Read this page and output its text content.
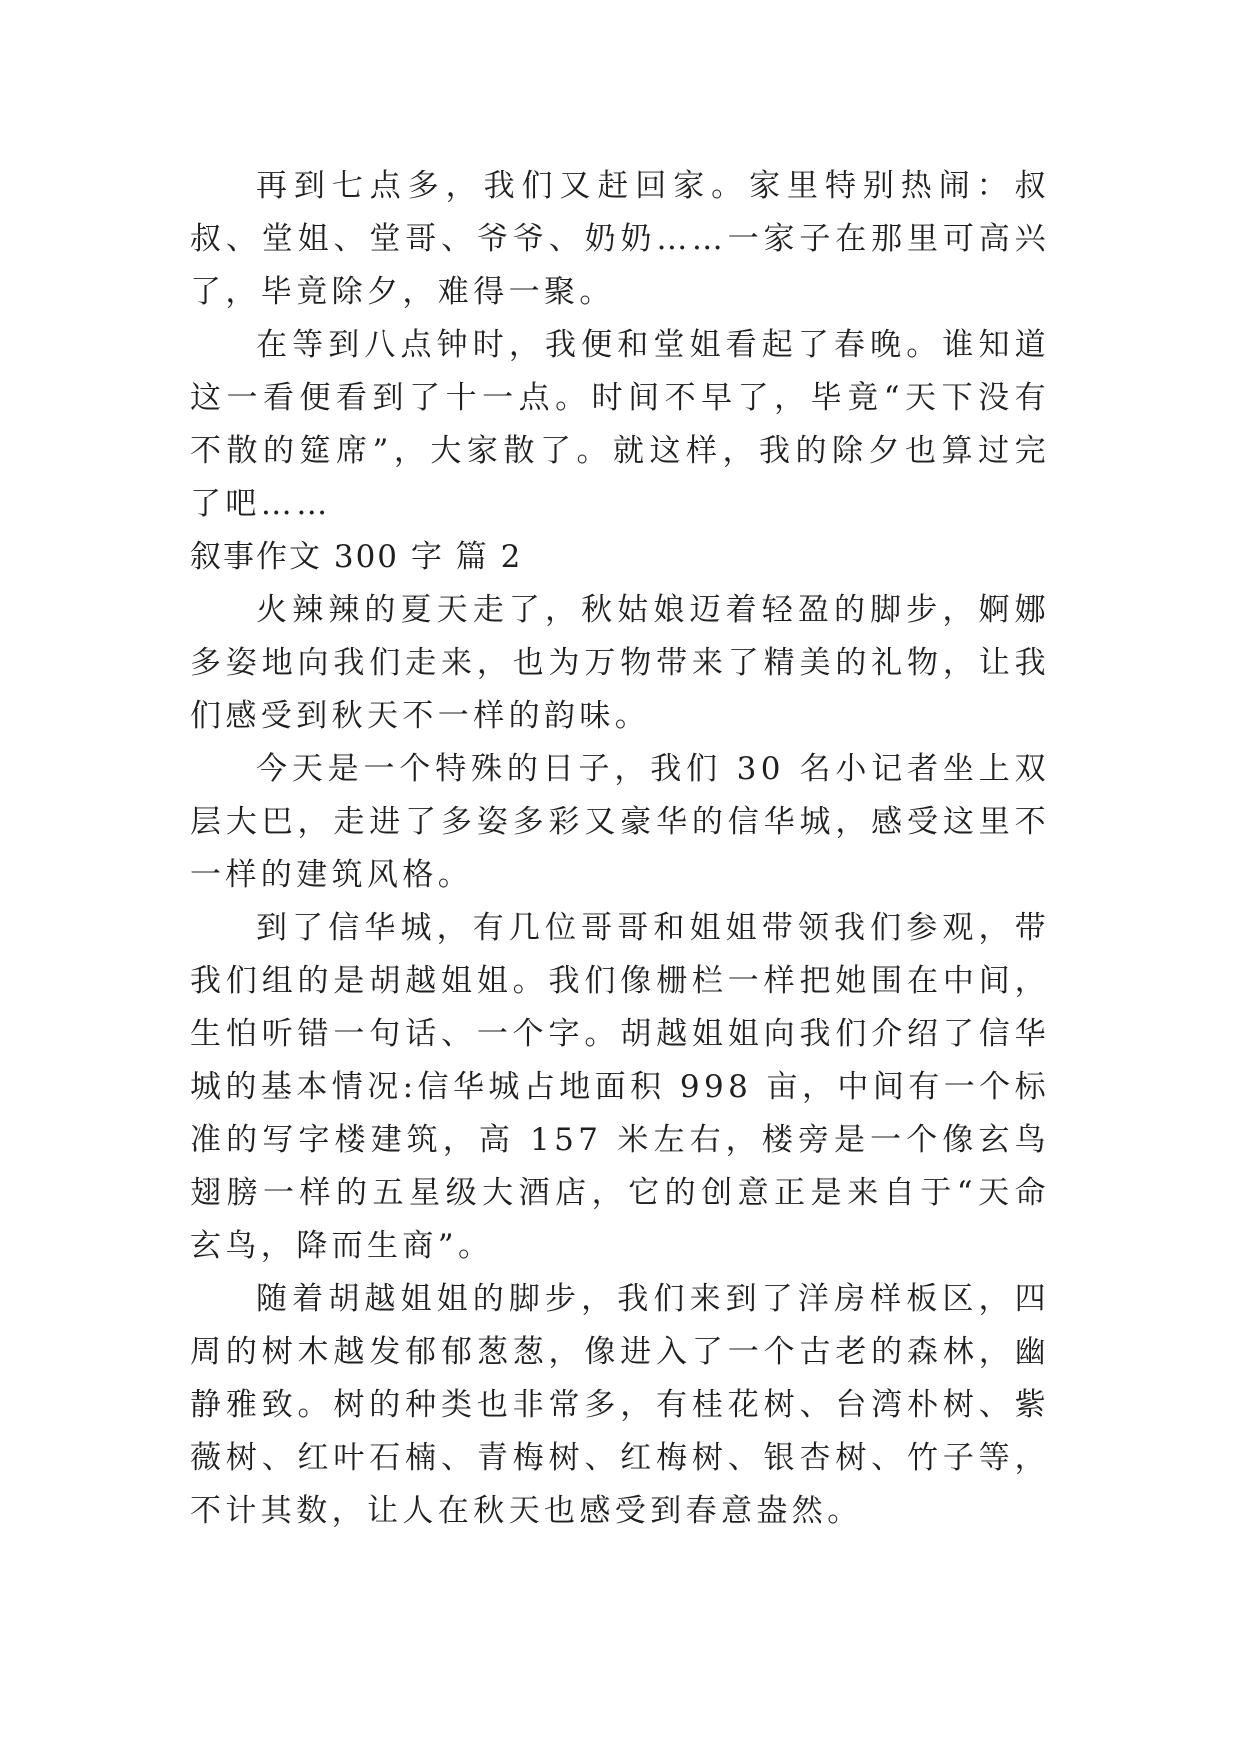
再到七点多，我们又赶回家。家里特别热闹：叔叔、堂姐、堂哥、爷爷、奶奶……一家子在那里可高兴了，毕竟除夕，难得一聚。

在等到八点钟时，我便和堂姐看起了春晚。谁知道这一看便看到了十一点。时间不早了，毕竟“天下没有不散的筵席”，大家散了。就这样，我的除夕也算过完了吧……

叙事作文 300 字 篇 2

火辣辣的夏天走了，秋姑娘迈着轻盈的脚步，婀娜多姿地向我们走来，也为万物带来了精美的礼物，让我们感受到秋天不一样的韵味。

今天是一个特殊的日子，我们 30 名小记者坐上双层大巴，走进了多姿多彩又豪华的信华城，感受这里不一样的建筑风格。

到了信华城，有几位哥哥和姐姐带领我们参观，带我们组的是胡越姐姐。我们像栅栏一样把她围在中间，生怕听错一句话、一个字。胡越姐姐向我们介绍了信华城的基本情况:信华城占地面积 998 亩，中间有一个标准的写字楼建筑，高 157 米左右，楼旁是一个像玄鸟翅膀一样的五星级大酒店，它的创意正是来自于“天命玄鸟，降而生商”。

随着胡越姐姐的脚步，我们来到了洋房样板区，四周的树木越发郁郁葱葱，像进入了一个古老的森林，幽静雅致。树的种类也非常多，有桂花树、台湾朴树、紫薇树、红叶石楠、青梅树、红梅树、银杏树、竹子等，不计其数，让人在秋天也感受到春意盎然。
